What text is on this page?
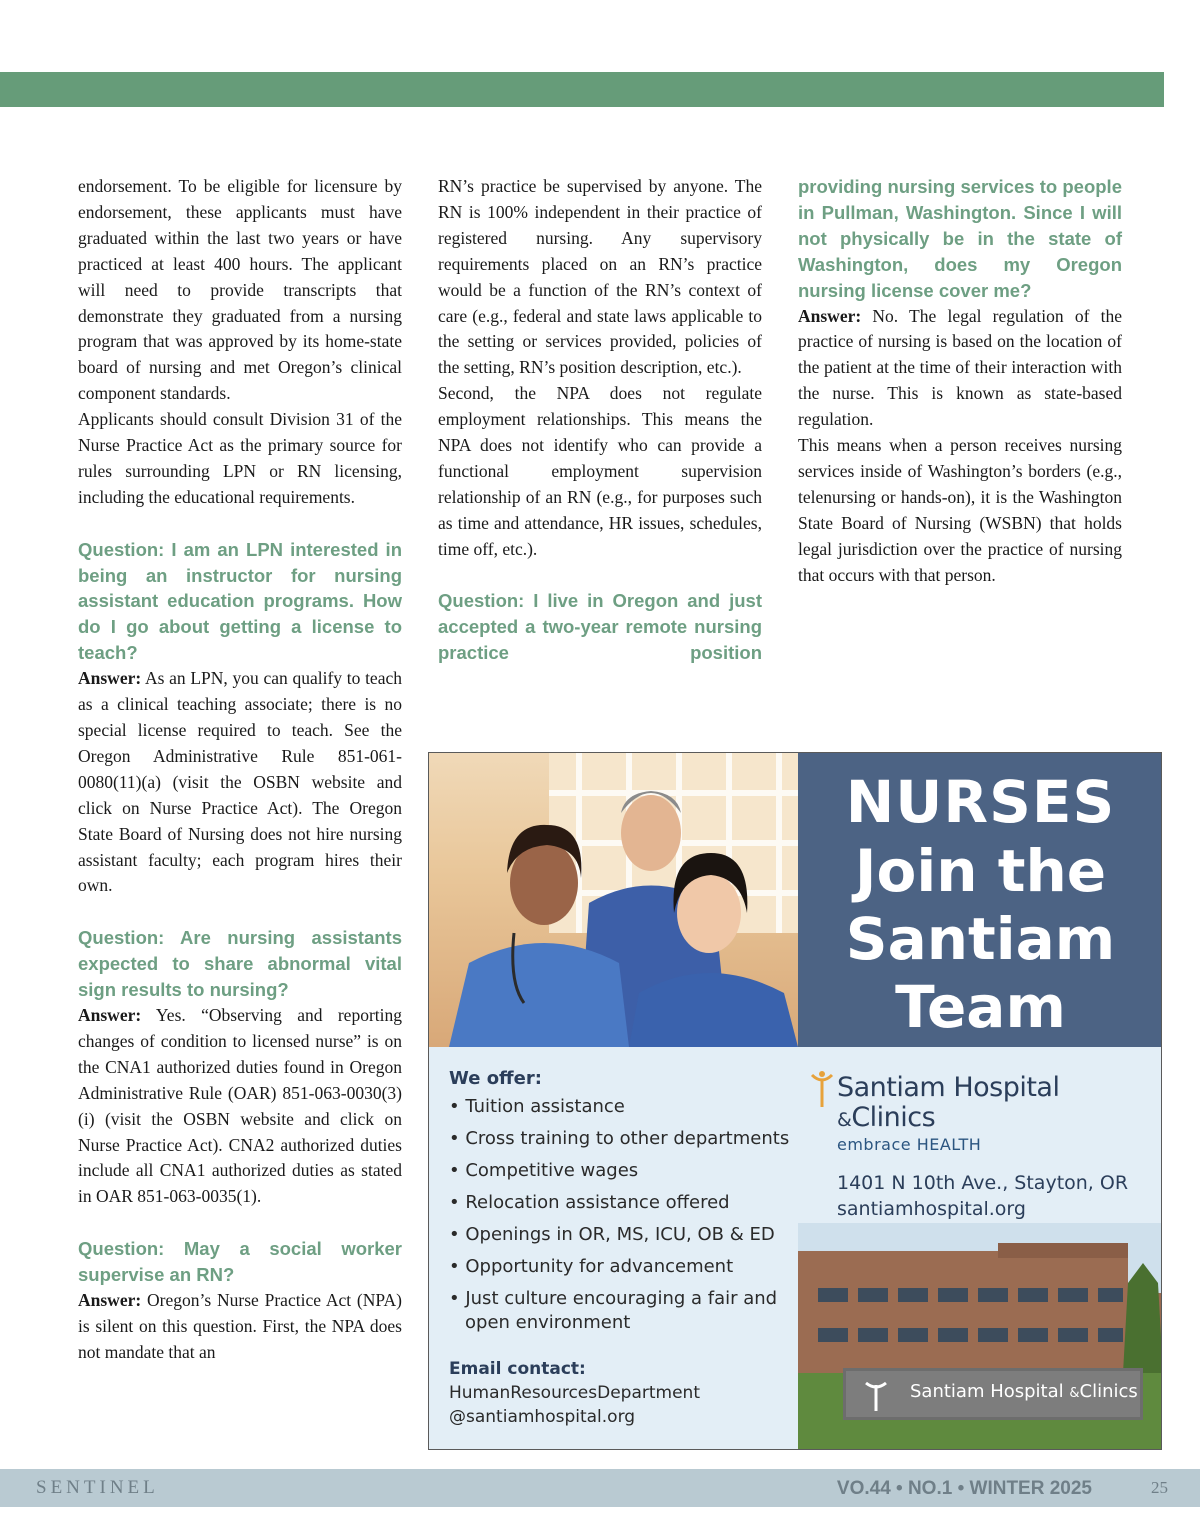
endorsement. To be eligible for licensure by endorsement, these applicants must have graduated within the last two years or have practiced at least 400 hours. The applicant will need to provide transcripts that demonstrate they graduated from a nursing program that was approved by its home-state board of nursing and met Oregon’s clinical component standards.

Applicants should consult Division 31 of the Nurse Practice Act as the primary source for rules surrounding LPN or RN licensing, including the educational requirements.

Question: I am an LPN interested in being an instructor for nursing assistant education programs. How do I go about getting a license to teach?

Answer: As an LPN, you can qualify to teach as a clinical teaching associate; there is no special license required to teach. See the Oregon Administrative Rule 851-061-0080(11)(a) (visit the OSBN website and click on Nurse Practice Act). The Oregon State Board of Nursing does not hire nursing assistant faculty; each program hires their own.

Question: Are nursing assistants expected to share abnormal vital sign results to nursing?

Answer: Yes. “Observing and reporting changes of condition to licensed nurse” is on the CNA1 authorized duties found in Oregon Administrative Rule (OAR) 851-063-0030(3)(i) (visit the OSBN website and click on Nurse Practice Act). CNA2 authorized duties include all CNA1 authorized duties as stated in OAR 851-063-0035(1).

Question: May a social worker supervise an RN?

Answer: Oregon’s Nurse Practice Act (NPA) is silent on this question. First, the NPA does not mandate that an

RN’s practice be supervised by anyone. The RN is 100% independent in their practice of registered nursing. Any supervisory requirements placed on an RN’s practice would be a function of the RN’s context of care (e.g., federal and state laws applicable to the setting or services provided, policies of the setting, RN’s position description, etc.).

Second, the NPA does not regulate employment relationships. This means the NPA does not identify who can provide a functional employment supervision relationship of an RN (e.g., for purposes such as time and attendance, HR issues, schedules, time off, etc.).

Question: I live in Oregon and just accepted a two-year remote nursing practice position

providing nursing services to people in Pullman, Washington. Since I will not physically be in the state of Washington, does my Oregon nursing license cover me?

Answer: No. The legal regulation of the practice of nursing is based on the location of the patient at the time of their interaction with the nurse. This is known as state-based regulation.

This means when a person receives nursing services inside of Washington’s borders (e.g., telenursing or hands-on), it is the Washington State Board of Nursing (WSBN) that holds legal jurisdiction over the practice of nursing that occurs with that person.

NURSES
Join the
Santiam
Team
We offer:
• Tuition assistance
• Cross training to other departments
• Competitive wages
• Relocation assistance offered
• Openings in OR, MS, ICU, OB & ED
• Opportunity for advancement
• Just culture encouraging a fair and open environment
Email contact:
HumanResourcesDepartment
@santiamhospital.org
Santiam Hospital &Clinics
embrace HEALTH
1401 N 10th Ave., Stayton, OR
santiamhospital.org
Santiam Hospital &Clinics
SENTINEL	VO.44 • NO.1 • WINTER 2025	25
